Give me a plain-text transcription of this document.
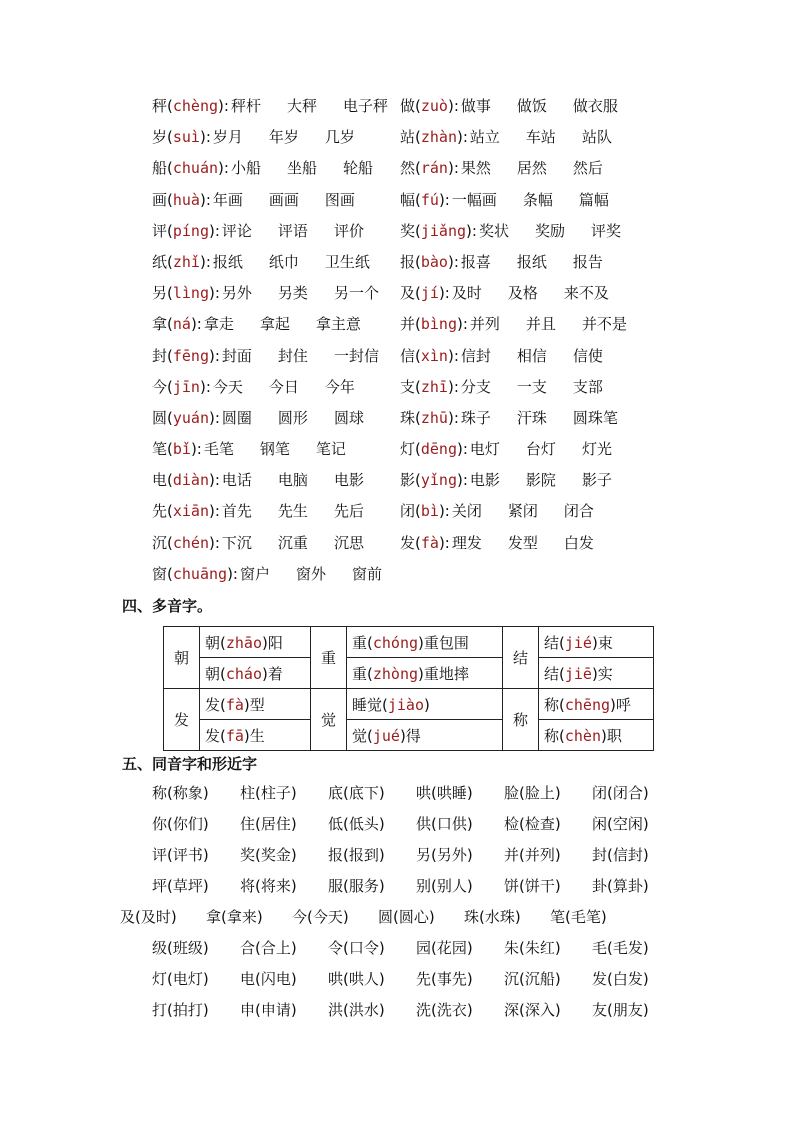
秤(chèng): 秤杆 大秤 电子秤 做(zuò): 做事 做饭 做衣服
岁(suì): 岁月 年岁 几岁	站(zhàn): 站立 车站 站队
船(chuán): 小船 坐船 轮船 然(rán): 果然 居然 然后
画(huà): 年画 画画 图画	幅(fú): 一幅画 条幅 篇幅
评(píng): 评论 评语 评价 奖(jiǎng): 奖状 奖励 评奖
纸(zhǐ): 报纸 纸巾 卫生纸 报(bào): 报喜 报纸 报告
另(lìng): 另外 另类 另一个 及(jí): 及时 及格 来不及
拿(ná): 拿走 拿起 拿主意	并(bìng): 并列 并且 并不是
封(fēng): 封面 封住 一封信 信(xìn): 信封 相信 信使
今(jīn): 今天 今日 今年	支(zhī): 分支 一支 支部
圆(yuán): 圆圈 圆形 圆球 珠(zhū): 珠子 汗珠 圆珠笔
笔(bǐ): 毛笔 钢笔 笔记	灯(dēng): 电灯 台灯 灯光
电(diàn): 电话 电脑 电影 影(yǐng): 电影 影院 影子
先(xiān): 首先 先生 先后 闭(bì): 关闭 紧闭 闭合
沉(chén): 下沉 沉重 沉思 发(fà): 理发 发型 白发
窗(chuāng): 窗户 窗外 窗前
四、多音字。
朝	朝(zhāo)阳	重	重(chóng)重包围	结	结(jié)束
	朝(cháo)着		重(zhòng)重地摔		结(jiē)实
发	发(fà)型	觉	睡觉(jiào)	称	称(chēng)呼
	发(fā)生		觉(jué)得		称(chèn)职
五、同音字和形近字
称(称象)	柱(柱子)	底(底下)	哄(哄睡)	脸(脸上)	闭(闭合)
你(你们)	住(居住)	低(低头)	供(口供)	检(检查)	闲(空闲)
评(评书)	奖(奖金)	报(报到)	另(另外)	并(并列)	封(信封)
坪(草坪)	将(将来)	服(服务)	别(别人)	饼(饼干)	卦(算卦)
及(及时)	拿(拿来)	今(今天)	圆(圆心)	珠(水珠)	笔(毛笔)
级(班级)	合(合上)	令(口令)	园(花园)	朱(朱红)	毛(毛发)
灯(电灯)	电(闪电)	哄(哄人)	先(事先)	沉(沉船)	发(白发)
打(拍打)	申(申请)	洪(洪水)	洗(洗衣)	深(深入)	友(朋友)
